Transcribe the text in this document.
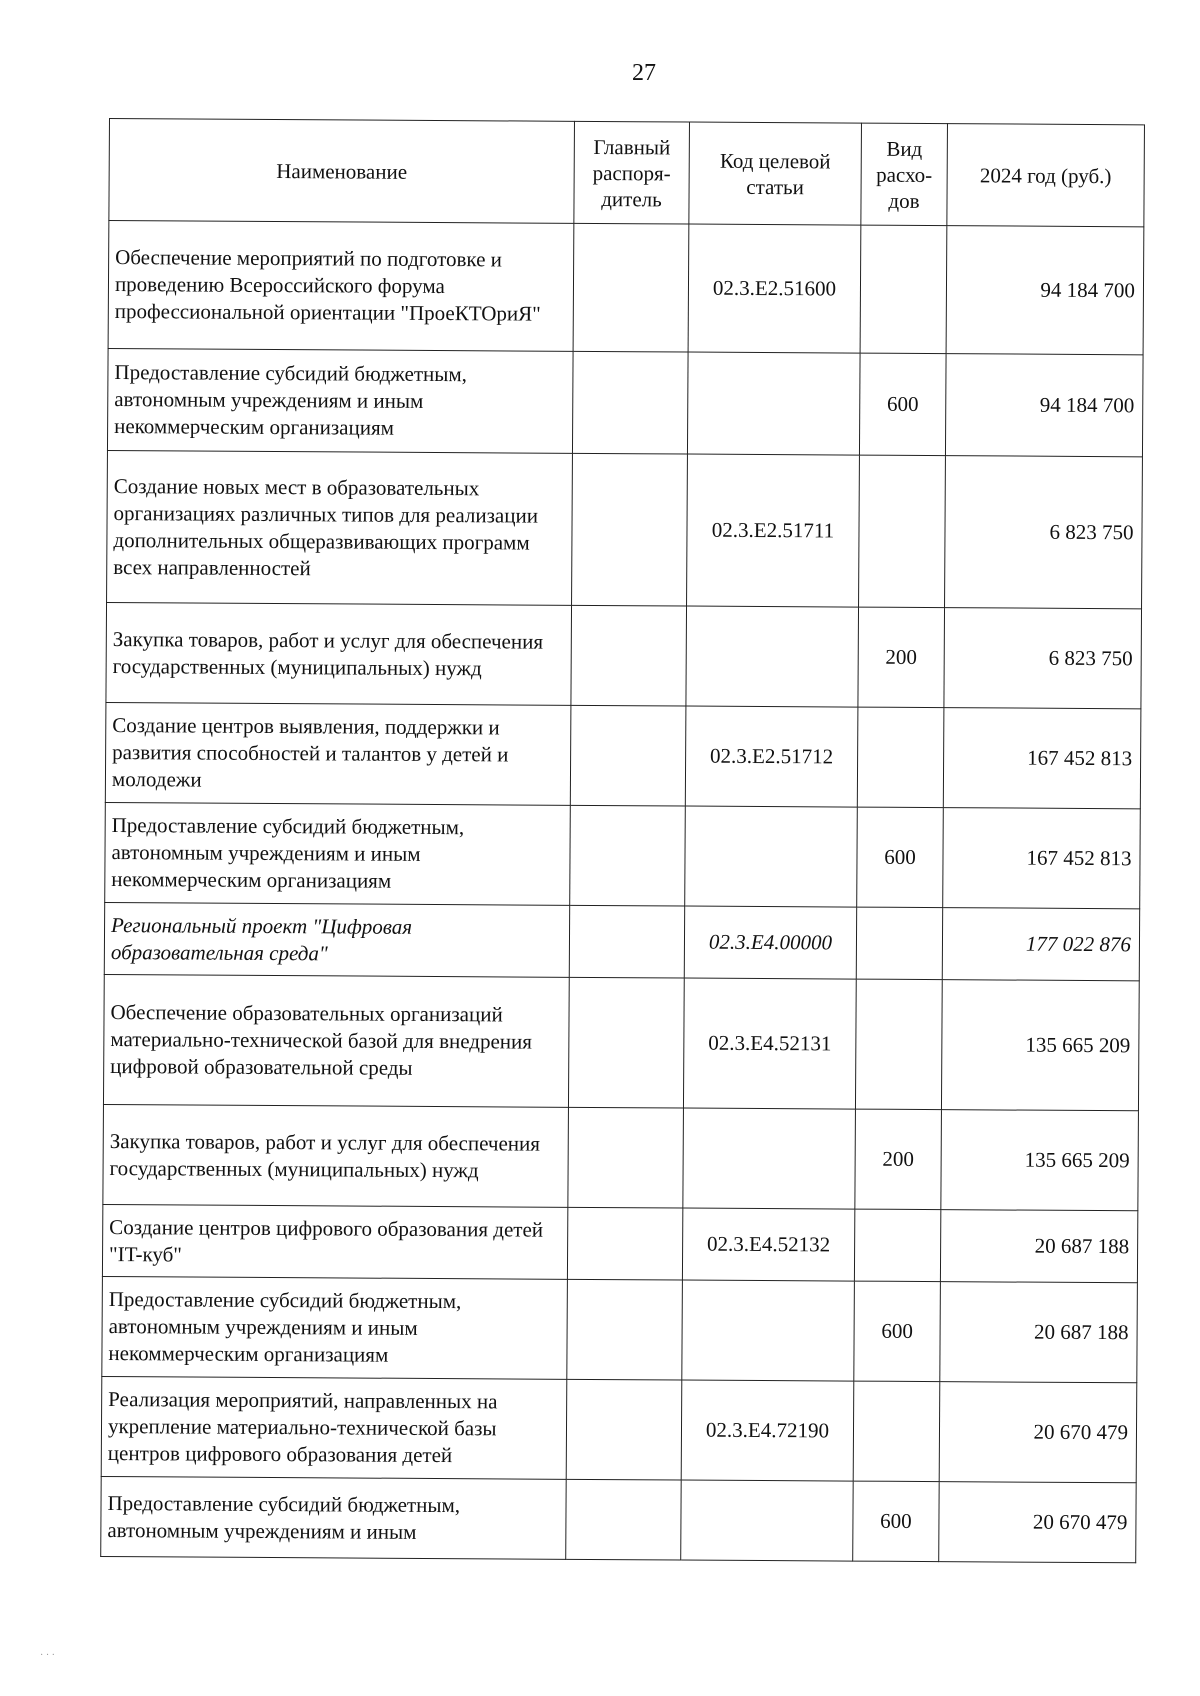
27
Наименование	Главный распоря-дитель	Код целевой статьи	Вид расхо-дов	2024 год (руб.)
Обеспечение мероприятий по подготовке и проведению Всероссийского форума профессиональной ориентации "ПроеКТОриЯ"		02.3.Е2.51600		94 184 700
Предоставление субсидий бюджетным, автономным учреждениям и иным некоммерческим организациям			600	94 184 700
Создание новых мест в образовательных организациях различных типов для реализации дополнительных общеразвивающих программ всех направленностей		02.3.Е2.51711		6 823 750
Закупка товаров, работ и услуг для обеспечения государственных (муниципальных) нужд			200	6 823 750
Создание центров выявления, поддержки и развития способностей и талантов у детей и молодежи		02.3.Е2.51712		167 452 813
Предоставление субсидий бюджетным, автономным учреждениям и иным некоммерческим организациям			600	167 452 813
Региональный проект "Цифровая образовательная среда"		02.3.Е4.00000		177 022 876
Обеспечение образовательных организаций материально-технической базой для внедрения цифровой образовательной среды		02.3.Е4.52131		135 665 209
Закупка товаров, работ и услуг для обеспечения государственных (муниципальных) нужд			200	135 665 209
Создание центров цифрового образования детей "IT-куб"		02.3.Е4.52132		20 687 188
Предоставление субсидий бюджетным, автономным учреждениям и иным некоммерческим организациям			600	20 687 188
Реализация мероприятий, направленных на укрепление материально-технической базы центров цифрового образования детей		02.3.Е4.72190		20 670 479
Предоставление субсидий бюджетным, автономным учреждениям и иным			600	20 670 479
· · ·
